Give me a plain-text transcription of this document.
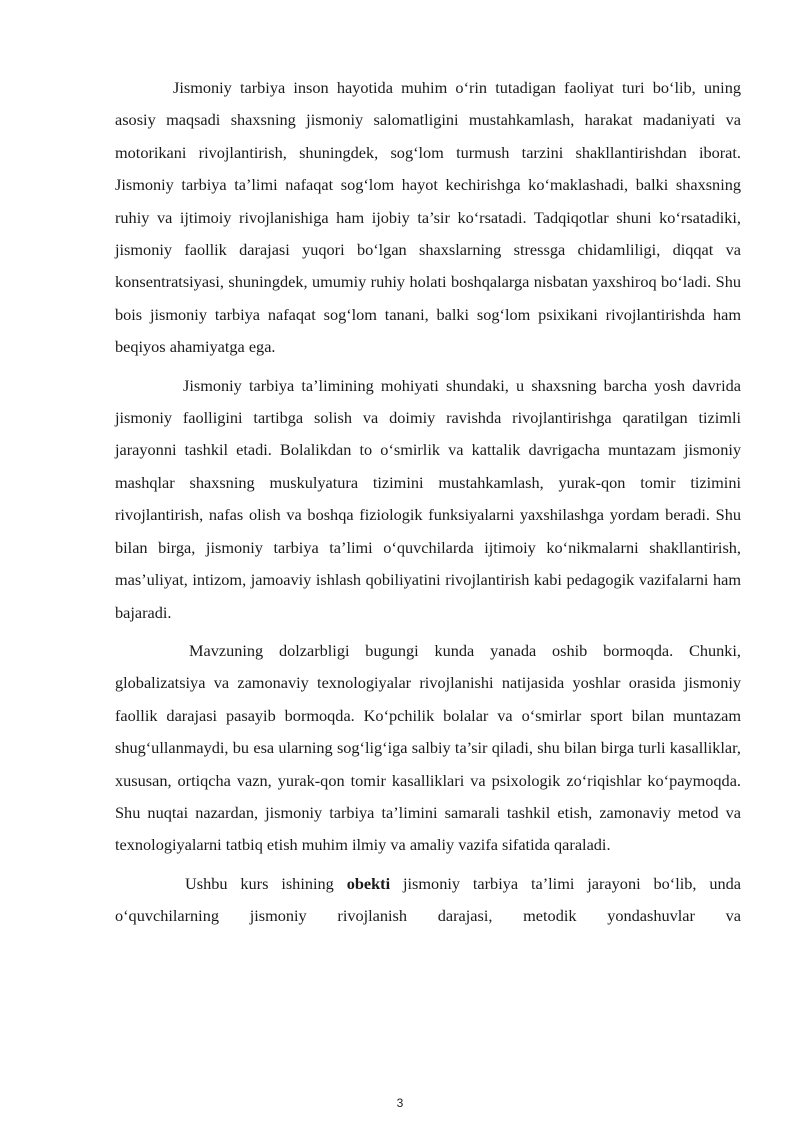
Jismoniy tarbiya inson hayotida muhim o‘rin tutadigan faoliyat turi bo‘lib, uning asosiy maqsadi shaxsning jismoniy salomatligini mustahkamlash, harakat madaniyati va motorikani rivojlantirish, shuningdek, sog‘lom turmush tarzini shakllantirishdan iborat. Jismoniy tarbiya ta’limi nafaqat sog‘lom hayot kechirishga ko‘maklashadi, balki shaxsning ruhiy va ijtimoiy rivojlanishiga ham ijobiy ta’sir ko‘rsatadi. Tadqiqotlar shuni ko‘rsatadiki, jismoniy faollik darajasi yuqori bo‘lgan shaxslarning stressga chidamliligi, diqqat va konsentratsiyasi, shuningdek, umumiy ruhiy holati boshqalarga nisbatan yaxshiroq bo‘ladi. Shu bois jismoniy tarbiya nafaqat sog‘lom tanani, balki sog‘lom psixikani rivojlantirishda ham beqiyos ahamiyatga ega.

Jismoniy tarbiya ta’limining mohiyati shundaki, u shaxsning barcha yosh davrida jismoniy faolligini tartibga solish va doimiy ravishda rivojlantirishga qaratilgan tizimli jarayonni tashkil etadi. Bolalikdan to o‘smirlik va kattalik davrigacha muntazam jismoniy mashqlar shaxsning muskulyatura tizimini mustahkamlash, yurak-qon tomir tizimini rivojlantirish, nafas olish va boshqa fiziologik funksiyalarni yaxshilashga yordam beradi. Shu bilan birga, jismoniy tarbiya ta’limi o‘quvchilarda ijtimoiy ko‘nikmalarni shakllantirish, mas’uliyat, intizom, jamoaviy ishlash qobiliyatini rivojlantirish kabi pedagogik vazifalarni ham bajaradi.

Mavzuning dolzarbligi bugungi kunda yanada oshib bormoqda. Chunki, globalizatsiya va zamonaviy texnologiyalar rivojlanishi natijasida yoshlar orasida jismoniy faollik darajasi pasayib bormoqda. Ko‘pchilik bolalar va o‘smirlar sport bilan muntazam shug‘ullanmaydi, bu esa ularning sog‘lig‘iga salbiy ta’sir qiladi, shu bilan birga turli kasalliklar, xususan, ortiqcha vazn, yurak-qon tomir kasalliklari va psixologik zo‘riqishlar ko‘paymoqda. Shu nuqtai nazardan, jismoniy tarbiya ta’limini samarali tashkil etish, zamonaviy metod va texnologiyalarni tatbiq etish muhim ilmiy va amaliy vazifa sifatida qaraladi.

Ushbu kurs ishining obekti jismoniy tarbiya ta’limi jarayoni bo‘lib, unda o‘quvchilarning jismoniy rivojlanish darajasi, metodik yondashuvlar va

3
